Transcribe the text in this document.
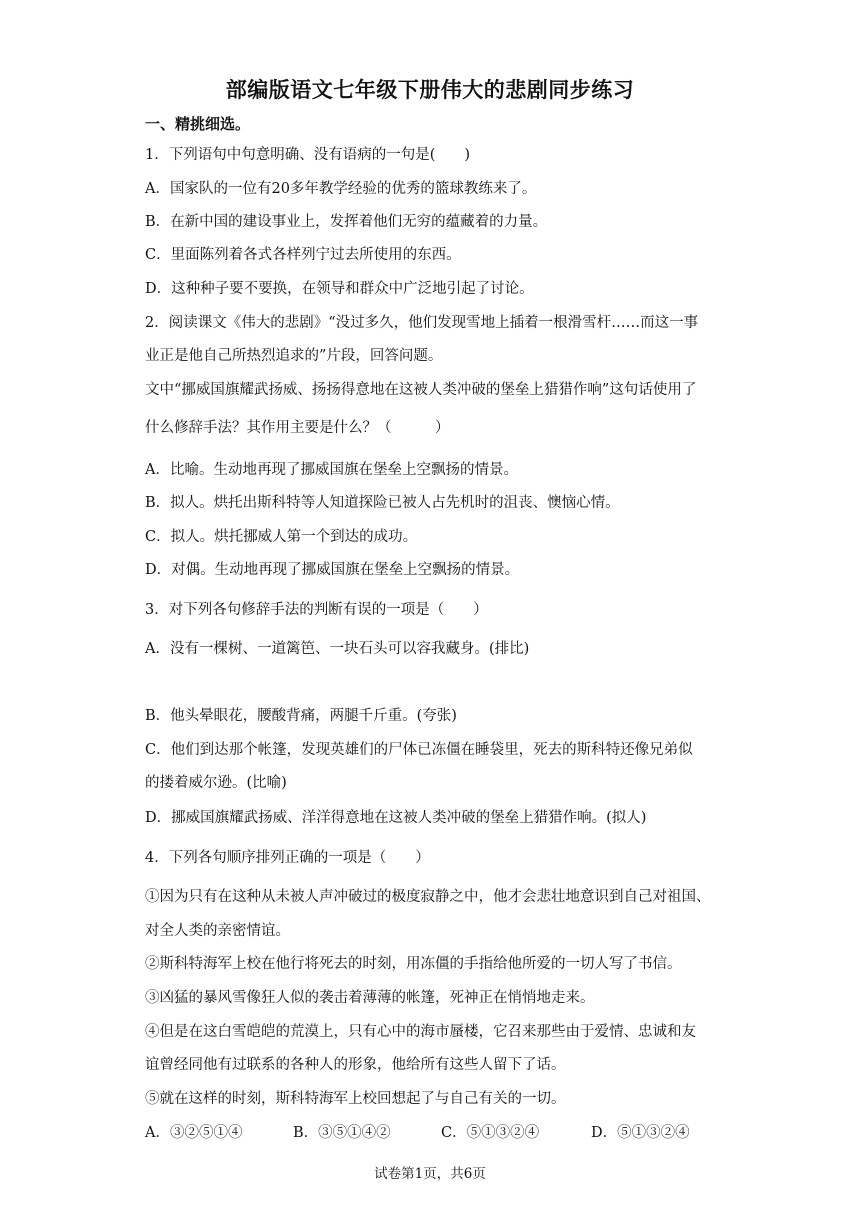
部编版语文七年级下册伟大的悲剧同步练习
一、精挑细选。
1．下列语句中句意明确、没有语病的一句是(　　)
A．国家队的一位有20多年教学经验的优秀的篮球教练来了。
B．在新中国的建设事业上，发挥着他们无穷的蕴藏着的力量。
C．里面陈列着各式各样列宁过去所使用的东西。
D．这种种子要不要换，在领导和群众中广泛地引起了讨论。
2．阅读课文《伟大的悲剧》“没过多久，他们发现雪地上插着一根滑雪杆……而这一事
业正是他自己所热烈追求的”片段，回答问题。
文中“挪威国旗耀武扬威、扬扬得意地在这被人类冲破的堡垒上猎猎作响”这句话使用了
什么修辞手法？其作用主要是什么？（　　　）
A．比喻。生动地再现了挪威国旗在堡垒上空飘扬的情景。
B．拟人。烘托出斯科特等人知道探险已被人占先机时的沮丧、懊恼心情。
C．拟人。烘托挪威人第一个到达的成功。
D．对偶。生动地再现了挪威国旗在堡垒上空飘扬的情景。
3．对下列各句修辞手法的判断有误的一项是（　　）
A．没有一棵树、一道篱笆、一块石头可以容我藏身。(排比)
B．他头晕眼花，腰酸背痛，两腿千斤重。(夸张)
C．他们到达那个帐篷，发现英雄们的尸体已冻僵在睡袋里，死去的斯科特还像兄弟似
的搂着威尔逊。(比喻)
D．挪威国旗耀武扬威、洋洋得意地在这被人类冲破的堡垒上猎猎作响。(拟人)
4．下列各句顺序排列正确的一项是（　　）
①因为只有在这种从未被人声冲破过的极度寂静之中，他才会悲壮地意识到自己对祖国、
对全人类的亲密情谊。
②斯科特海军上校在他行将死去的时刻，用冻僵的手指给他所爱的一切人写了书信。
③凶猛的暴风雪像狂人似的袭击着薄薄的帐篷，死神正在悄悄地走来。
④但是在这白雪皑皑的荒漠上，只有心中的海市蜃楼，它召来那些由于爱情、忠诚和友
谊曾经同他有过联系的各种人的形象，他给所有这些人留下了话。
⑤就在这样的时刻，斯科特海军上校回想起了与自己有关的一切。
A．③②⑤①④	B．③⑤①④②	C．⑤①③②④	D．⑤①③②④
试卷第1页，共6页
